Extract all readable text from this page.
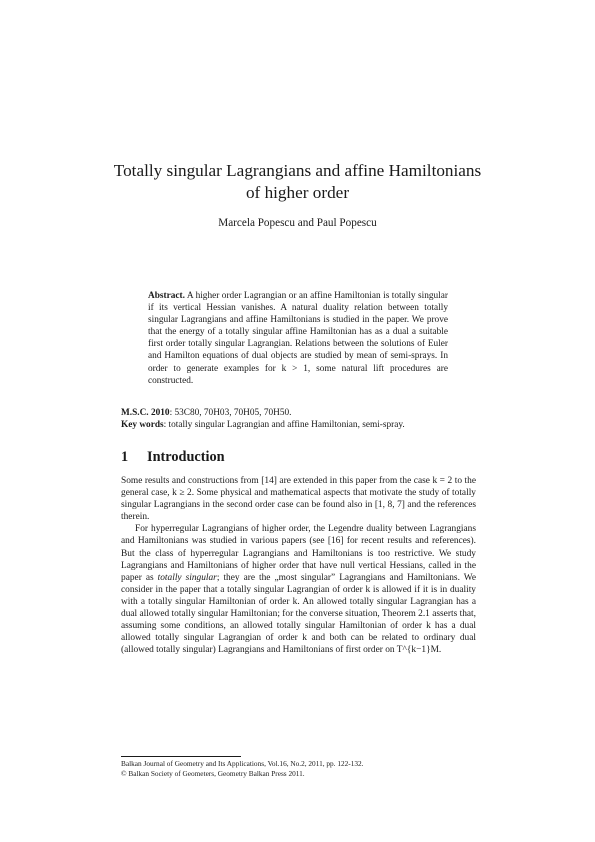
Totally singular Lagrangians and affine Hamiltonians
of higher order
Marcela Popescu and Paul Popescu
Abstract. A higher order Lagrangian or an affine Hamiltonian is totally singular if its vertical Hessian vanishes. A natural duality relation between totally singular Lagrangians and affine Hamiltonians is studied in the paper. We prove that the energy of a totally singular affine Hamiltonian has as a dual a suitable first order totally singular Lagrangian. Relations between the solutions of Euler and Hamilton equations of dual objects are studied by mean of semi-sprays. In order to generate examples for k > 1, some natural lift procedures are constructed.
M.S.C. 2010: 53C80, 70H03, 70H05, 70H50.
Key words: totally singular Lagrangian and affine Hamiltonian, semi-spray.
1 Introduction

Some results and constructions from [14] are extended in this paper from the case k = 2 to the general case, k ≥ 2. Some physical and mathematical aspects that motivate the study of totally singular Lagrangians in the second order case can be found also in [1, 8, 7] and the references therein.

For hyperregular Lagrangians of higher order, the Legendre duality between Lagrangians and Hamiltonians was studied in various papers (see [16] for recent results and references). But the class of hyperregular Lagrangians and Hamiltonians is too restrictive. We study Lagrangians and Hamiltonians of higher order that have null vertical Hessians, called in the paper as totally singular; they are the „most singular” Lagrangians and Hamiltonians. We consider in the paper that a totally singular Lagrangian of order k is allowed if it is in duality with a totally singular Hamiltonian of order k. An allowed totally singular Lagrangian has a dual allowed totally singular Hamiltonian; for the converse situation, Theorem 2.1 asserts that, assuming some conditions, an allowed totally singular Hamiltonian of order k has a dual allowed totally singular Lagrangian of order k and both can be related to ordinary dual (allowed totally singular) Lagrangians and Hamiltonians of first order on T^{k−1}M.

Balkan Journal of Geometry and Its Applications, Vol.16, No.2, 2011, pp. 122-132.
© Balkan Society of Geometers, Geometry Balkan Press 2011.
